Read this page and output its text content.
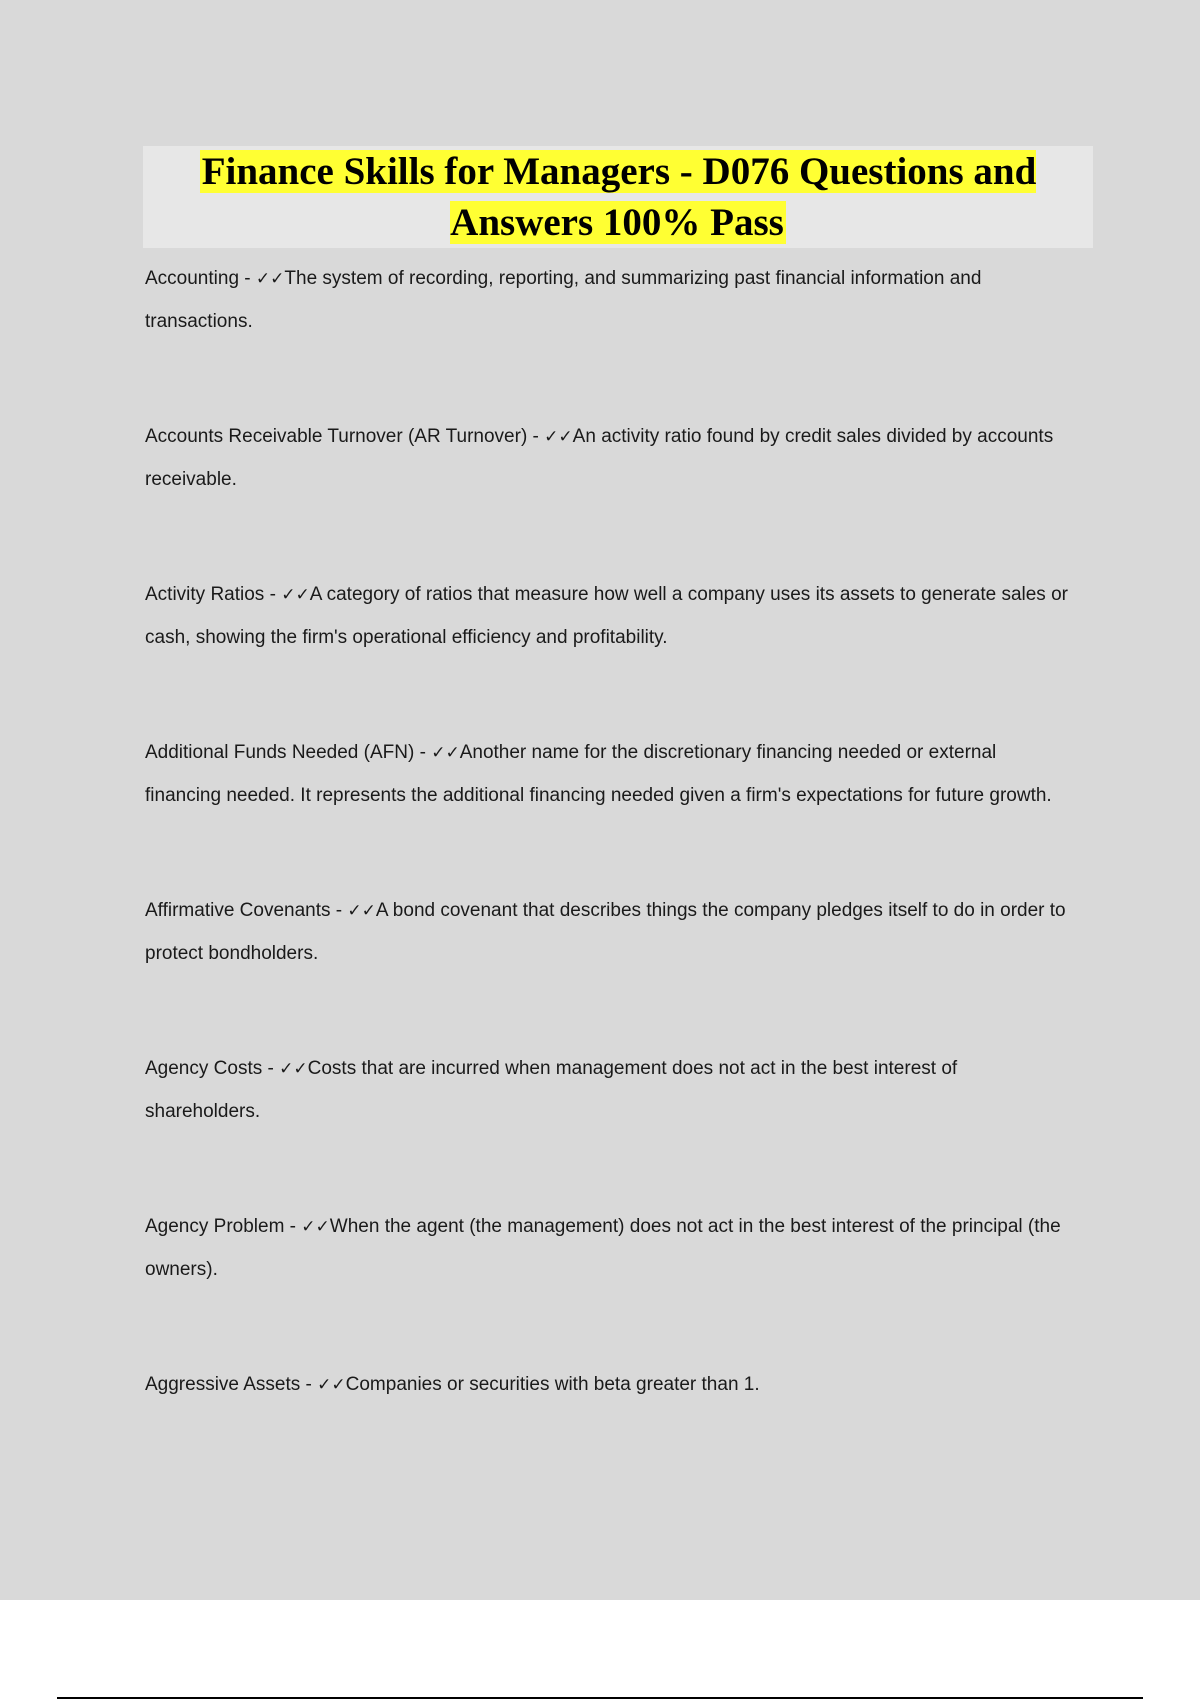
Finance Skills for Managers - D076 Questions and Answers 100% Pass

Accounting - ✓✓The system of recording, reporting, and summarizing past financial information and transactions.

Accounts Receivable Turnover (AR Turnover) - ✓✓An activity ratio found by credit sales divided by accounts receivable.

Activity Ratios - ✓✓A category of ratios that measure how well a company uses its assets to generate sales or cash, showing the firm's operational efficiency and profitability.

Additional Funds Needed (AFN) - ✓✓Another name for the discretionary financing needed or external financing needed. It represents the additional financing needed given a firm's expectations for future growth.

Affirmative Covenants - ✓✓A bond covenant that describes things the company pledges itself to do in order to protect bondholders.

Agency Costs - ✓✓Costs that are incurred when management does not act in the best interest of shareholders.

Agency Problem - ✓✓When the agent (the management) does not act in the best interest of the principal (the owners).

Aggressive Assets - ✓✓Companies or securities with beta greater than 1.
